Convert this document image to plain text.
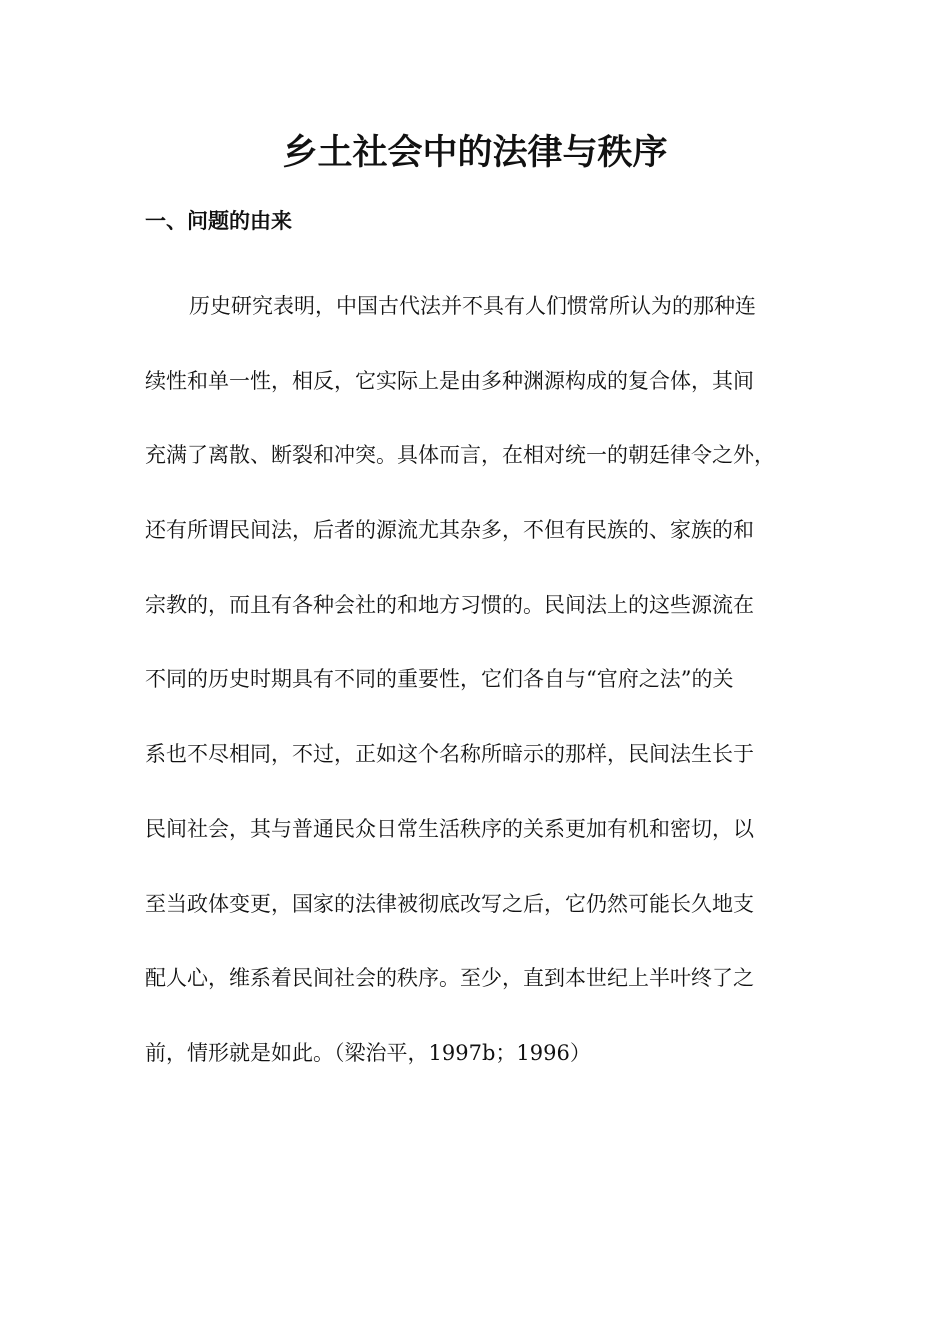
乡土社会中的法律与秩序
一、问题的由来
历史研究表明，中国古代法并不具有人们惯常所认为的那种连
续性和单一性，相反，它实际上是由多种渊源构成的复合体，其间
充满了离散、断裂和冲突。具体而言，在相对统一的朝廷律令之外，
还有所谓民间法，后者的源流尤其杂多，不但有民族的、家族的和
宗教的，而且有各种会社的和地方习惯的。民间法上的这些源流在
不同的历史时期具有不同的重要性，它们各自与“官府之法”的关
系也不尽相同，不过，正如这个名称所暗示的那样，民间法生长于
民间社会，其与普通民众日常生活秩序的关系更加有机和密切，以
至当政体变更，国家的法律被彻底改写之后，它仍然可能长久地支
配人心，维系着民间社会的秩序。至少，直到本世纪上半叶终了之
前，情形就是如此。（梁治平，1997b；1996）
